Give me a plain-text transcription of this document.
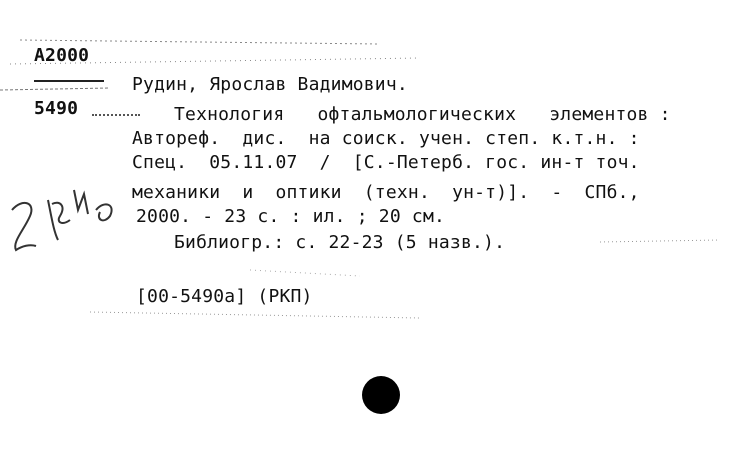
А2000
5490
Рудин, Ярослав Вадимович.
Технология   офтальмологических   элементов :
Автореф.  дис.  на соиск. учен. степ. к.т.н. :
Спец.  05.11.07  /  [С.-Петерб. гос. ин-т точ.
механики  и  оптики  (техн.  ун-т)].  -  СПб.,
2000. - 23 с. : ил. ; 20 см.
Библиогр.: с. 22-23 (5 назв.).
[00-5490а] (РКП)
